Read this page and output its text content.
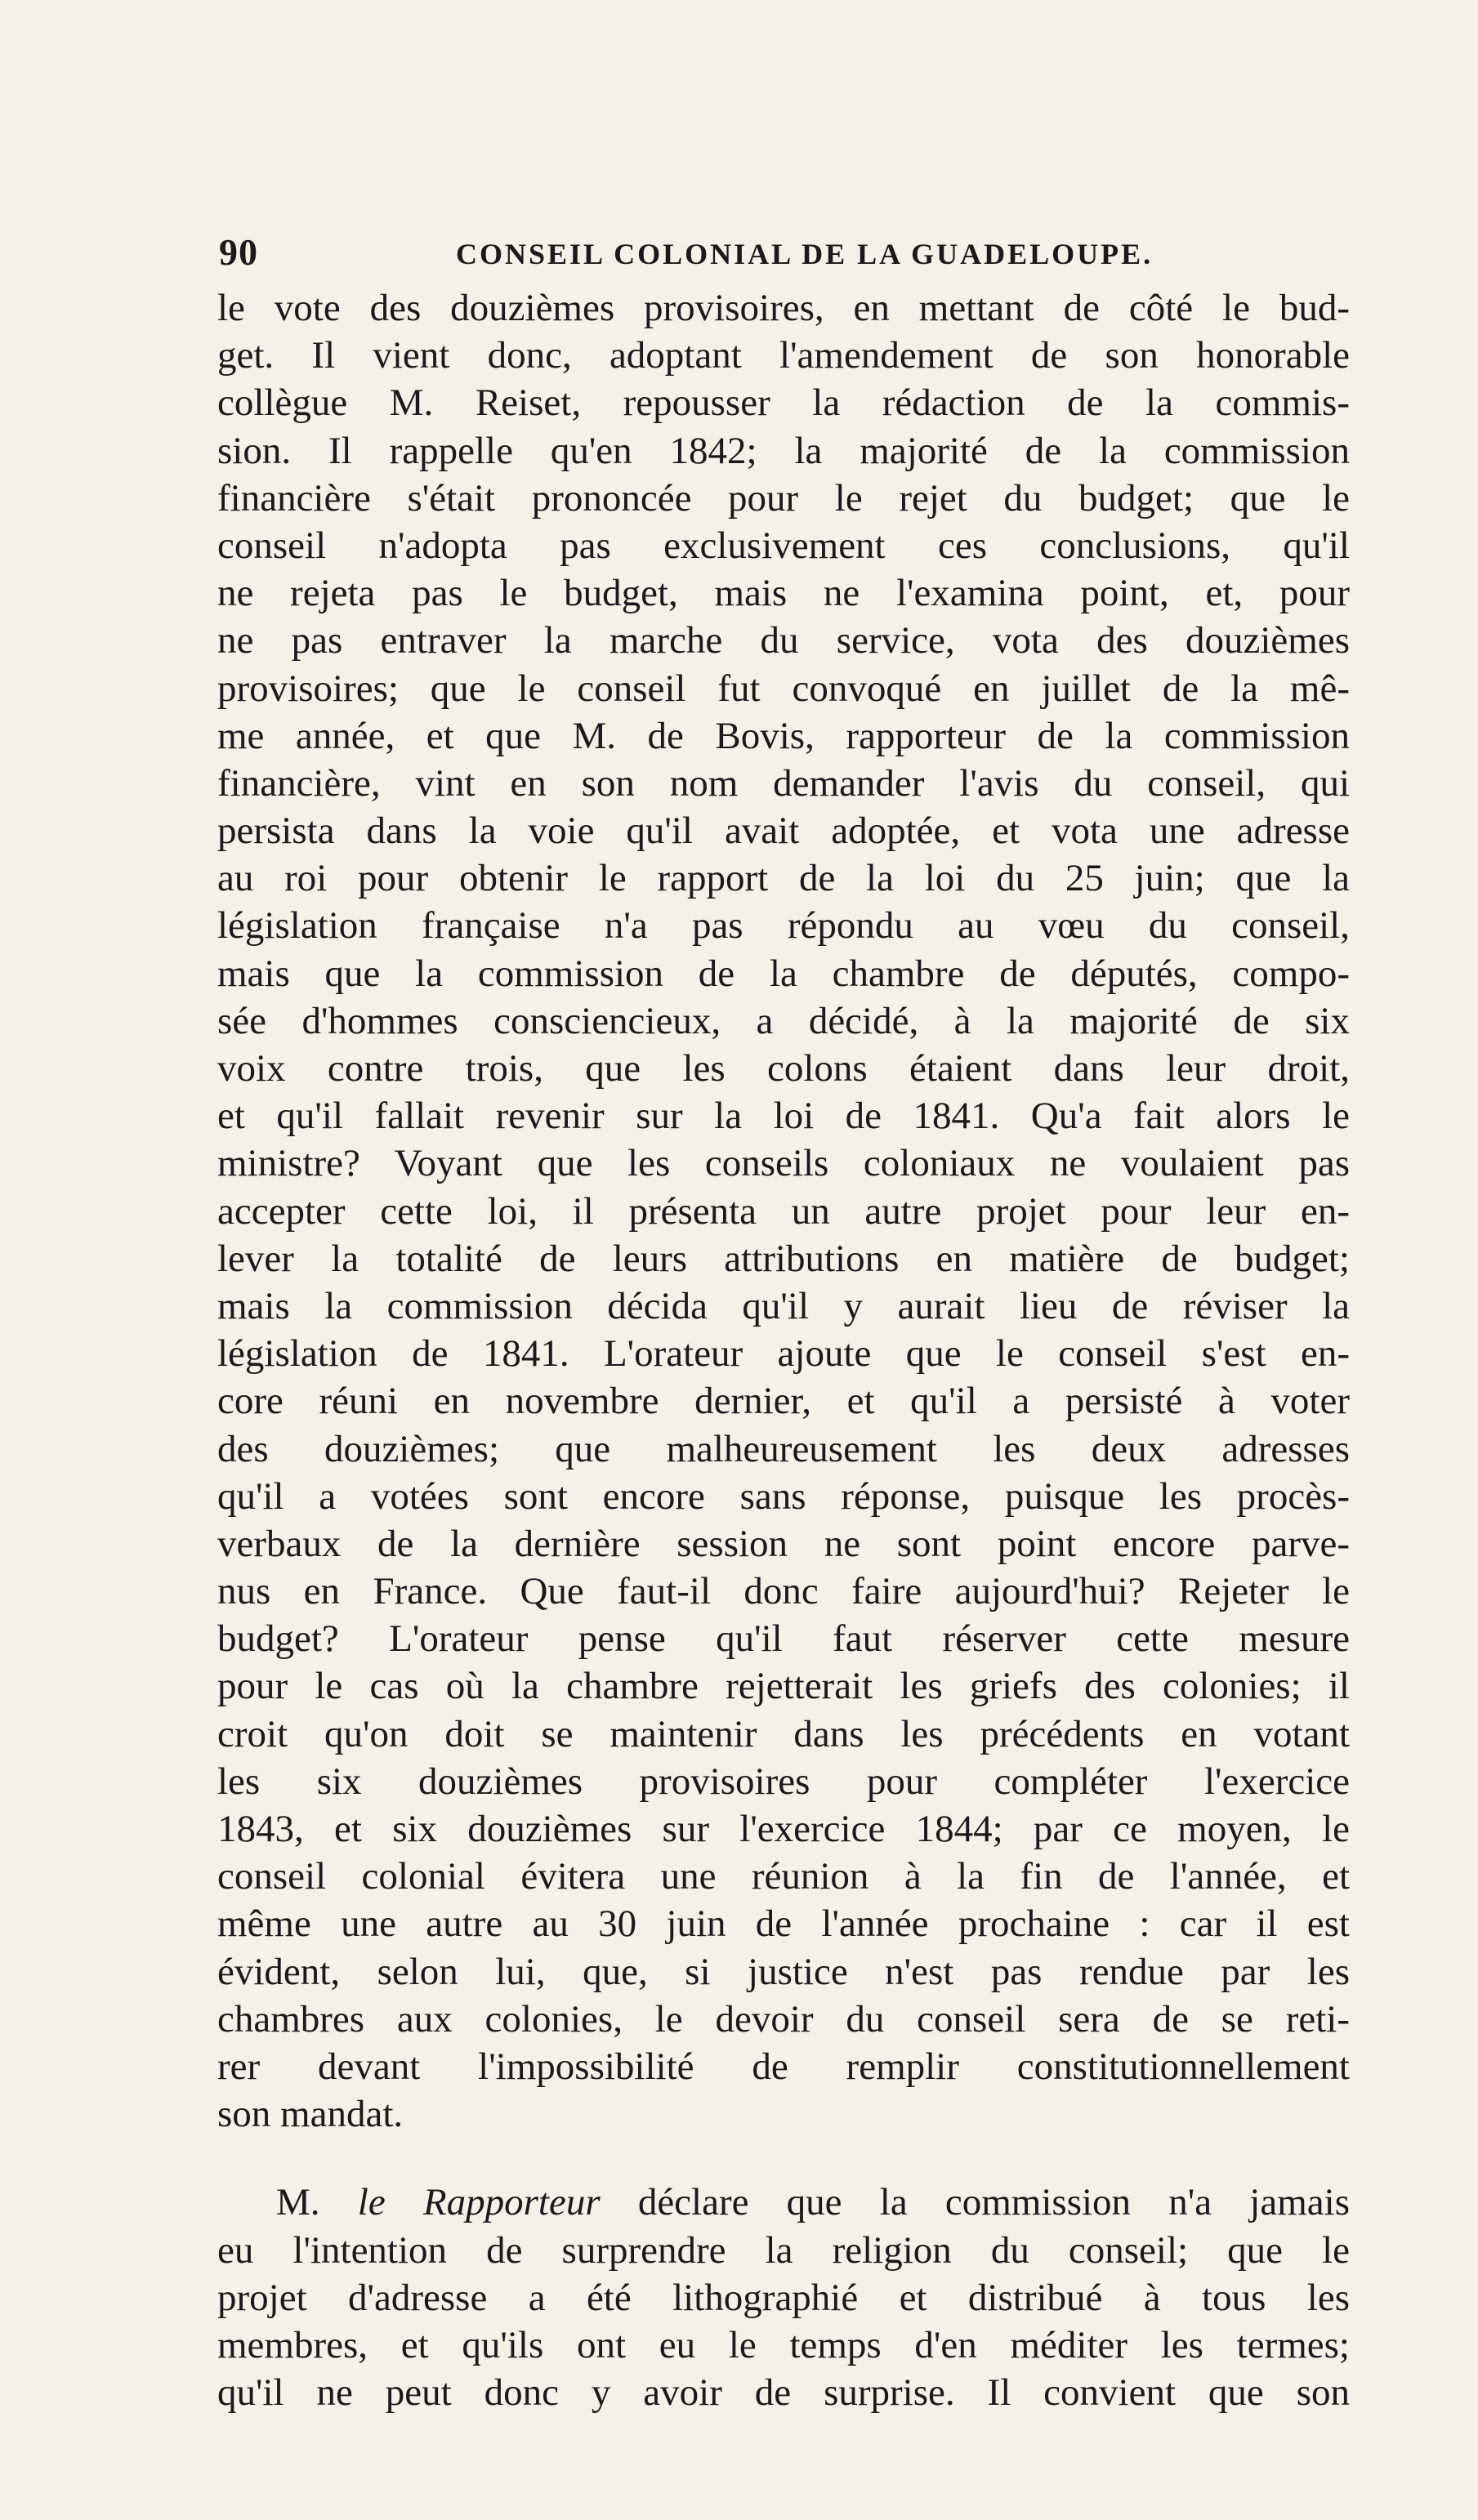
90	CONSEIL COLONIAL DE LA GUADELOUPE.
le vote des douzièmes provisoires, en mettant de côté le bud-
get. Il vient donc, adoptant l'amendement de son honorable
collègue M. Reiset, repousser la rédaction de la commis-
sion. Il rappelle qu'en 1842; la majorité de la commission
financière s'était prononcée pour le rejet du budget; que le
conseil n'adopta pas exclusivement ces conclusions, qu'il
ne rejeta pas le budget, mais ne l'examina point, et, pour
ne pas entraver la marche du service, vota des douzièmes
provisoires; que le conseil fut convoqué en juillet de la mê-
me année, et que M. de Bovis, rapporteur de la commission
financière, vint en son nom demander l'avis du conseil, qui
persista dans la voie qu'il avait adoptée, et vota une adresse
au roi pour obtenir le rapport de la loi du 25 juin; que la
législation française n'a pas répondu au vœu du conseil,
mais que la commission de la chambre de députés, compo-
sée d'hommes consciencieux, a décidé, à la majorité de six
voix contre trois, que les colons étaient dans leur droit,
et qu'il fallait revenir sur la loi de 1841. Qu'a fait alors le
ministre? Voyant que les conseils coloniaux ne voulaient pas
accepter cette loi, il présenta un autre projet pour leur en-
lever la totalité de leurs attributions en matière de budget;
mais la commission décida qu'il y aurait lieu de réviser la
législation de 1841. L'orateur ajoute que le conseil s'est en-
core réuni en novembre dernier, et qu'il a persisté à voter
des douzièmes; que malheureusement les deux adresses
qu'il a votées sont encore sans réponse, puisque les procès-
verbaux de la dernière session ne sont point encore parve-
nus en France. Que faut-il donc faire aujourd'hui? Rejeter le
budget? L'orateur pense qu'il faut réserver cette mesure
pour le cas où la chambre rejetterait les griefs des colonies; il
croit qu'on doit se maintenir dans les précédents en votant
les six douzièmes provisoires pour compléter l'exercice
1843, et six douzièmes sur l'exercice 1844; par ce moyen, le
conseil colonial évitera une réunion à la fin de l'année, et
même une autre au 30 juin de l'année prochaine : car il est
évident, selon lui, que, si justice n'est pas rendue par les
chambres aux colonies, le devoir du conseil sera de se reti-
rer devant l'impossibilité de remplir constitutionnellement
son mandat.
M. le Rapporteur déclare que la commission n'a jamais
eu l'intention de surprendre la religion du conseil; que le
projet d'adresse a été lithographié et distribué à tous les
membres, et qu'ils ont eu le temps d'en méditer les termes;
qu'il ne peut donc y avoir de surprise. Il convient que son
